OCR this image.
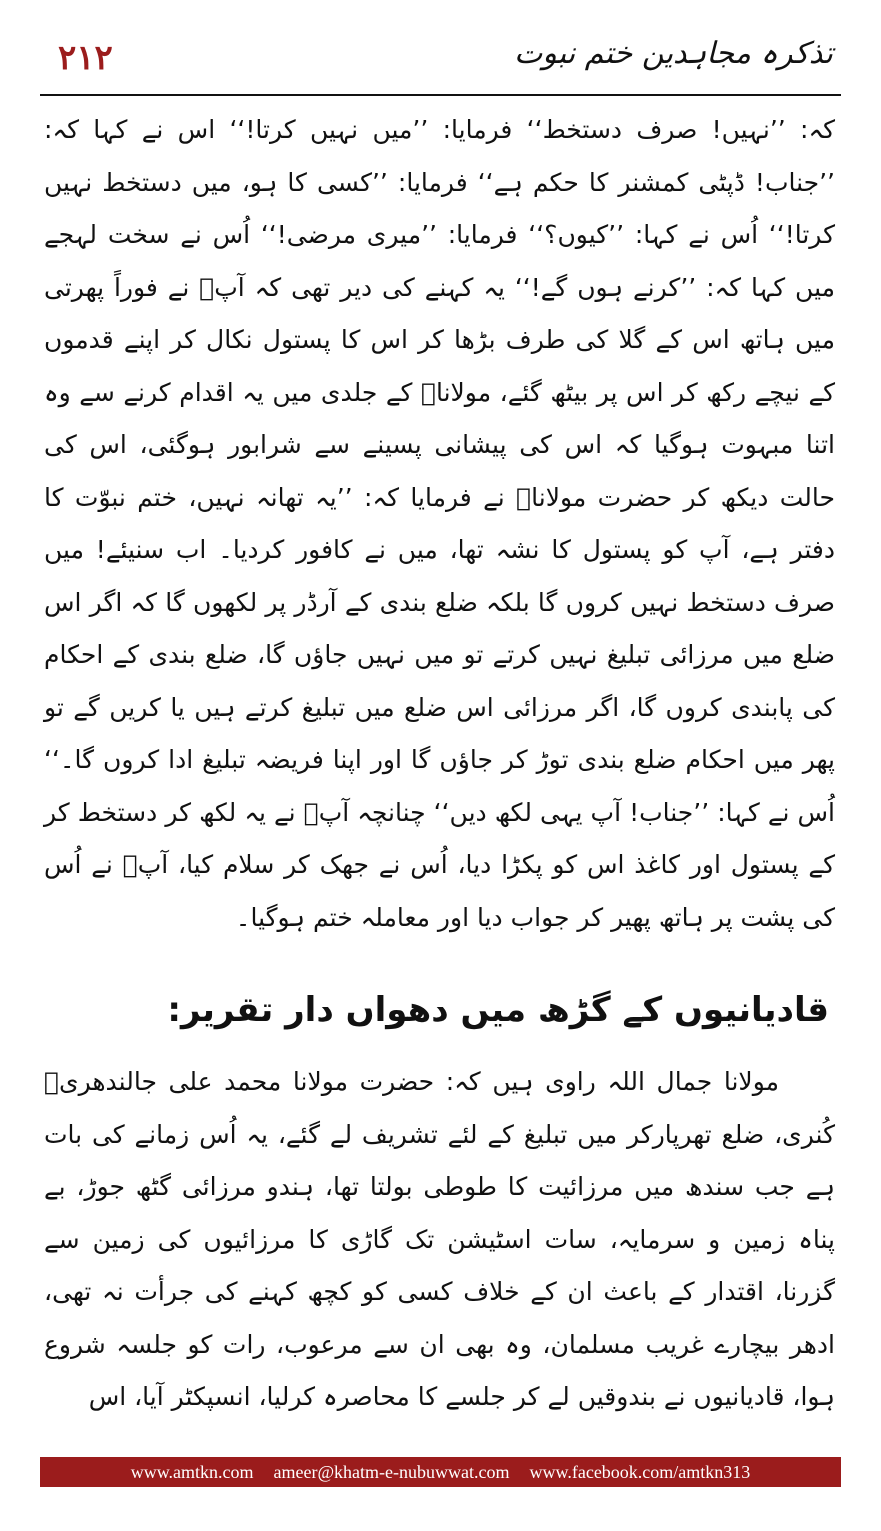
۲۱۲	تذکرہ مجاہدین ختم نبوت

کہ: ’’نہیں! صرف دستخط‘‘ فرمایا: ’’میں نہیں کرتا!‘‘ اس نے کہا کہ: ’’جناب! ڈپٹی کمشنر کا حکم ہے‘‘ فرمایا: ’’کسی کا ہو، میں دستخط نہیں کرتا!‘‘ اُس نے کہا: ’’کیوں؟‘‘ فرمایا: ’’میری مرضی!‘‘ اُس نے سخت لہجے میں کہا کہ: ’’کرنے ہوں گے!‘‘ یہ کہنے کی دیر تھی کہ آپؒ نے فوراً پھرتی میں ہاتھ اس کے گلا کی طرف بڑھا کر اس کا پستول نکال کر اپنے قدموں کے نیچے رکھ کر اس پر بیٹھ گئے، مولاناؒ کے جلدی میں یہ اقدام کرنے سے وہ اتنا مبہوت ہوگیا کہ اس کی پیشانی پسینے سے شرابور ہوگئی، اس کی حالت دیکھ کر حضرت مولاناؒ نے فرمایا کہ: ’’یہ تھانہ نہیں، ختم نبوّت کا دفتر ہے، آپ کو پستول کا نشہ تھا، میں نے کافور کردیا۔ اب سنیئے! میں صرف دستخط نہیں کروں گا بلکہ ضلع بندی کے آرڈر پر لکھوں گا کہ اگر اس ضلع میں مرزائی تبلیغ نہیں کرتے تو میں نہیں جاؤں گا، ضلع بندی کے احکام کی پابندی کروں گا، اگر مرزائی اس ضلع میں تبلیغ کرتے ہیں یا کریں گے تو پھر میں احکام ضلع بندی توڑ کر جاؤں گا اور اپنا فریضہ تبلیغ ادا کروں گا۔‘‘ اُس نے کہا: ’’جناب! آپ یہی لکھ دیں‘‘ چنانچہ آپؒ نے یہ لکھ کر دستخط کر کے پستول اور کاغذ اس کو پکڑا دیا، اُس نے جھک کر سلام کیا، آپؒ نے اُس کی پشت پر ہاتھ پھیر کر جواب دیا اور معاملہ ختم ہوگیا۔

قادیانیوں کے گڑھ میں دھواں دار تقریر:

مولانا جمال اللہ راوی ہیں کہ: حضرت مولانا محمد علی جالندھریؒ کُنری، ضلع تھرپارکر میں تبلیغ کے لئے تشریف لے گئے، یہ اُس زمانے کی بات ہے جب سندھ میں مرزائیت کا طوطی بولتا تھا، ہندو مرزائی گٹھ جوڑ، بے پناہ زمین و سرمایہ، سات اسٹیشن تک گاڑی کا مرزائیوں کی زمین سے گزرنا، اقتدار کے باعث ان کے خلاف کسی کو کچھ کہنے کی جرأت نہ تھی، ادھر بیچارے غریب مسلمان، وہ بھی ان سے مرعوب، رات کو جلسہ شروع ہوا، قادیانیوں نے بندوقیں لے کر جلسے کا محاصرہ کرلیا، انسپکٹر آیا، اس

www.amtkn.com ameer@khatm-e-nubuwwat.com www.facebook.com/amtkn313
